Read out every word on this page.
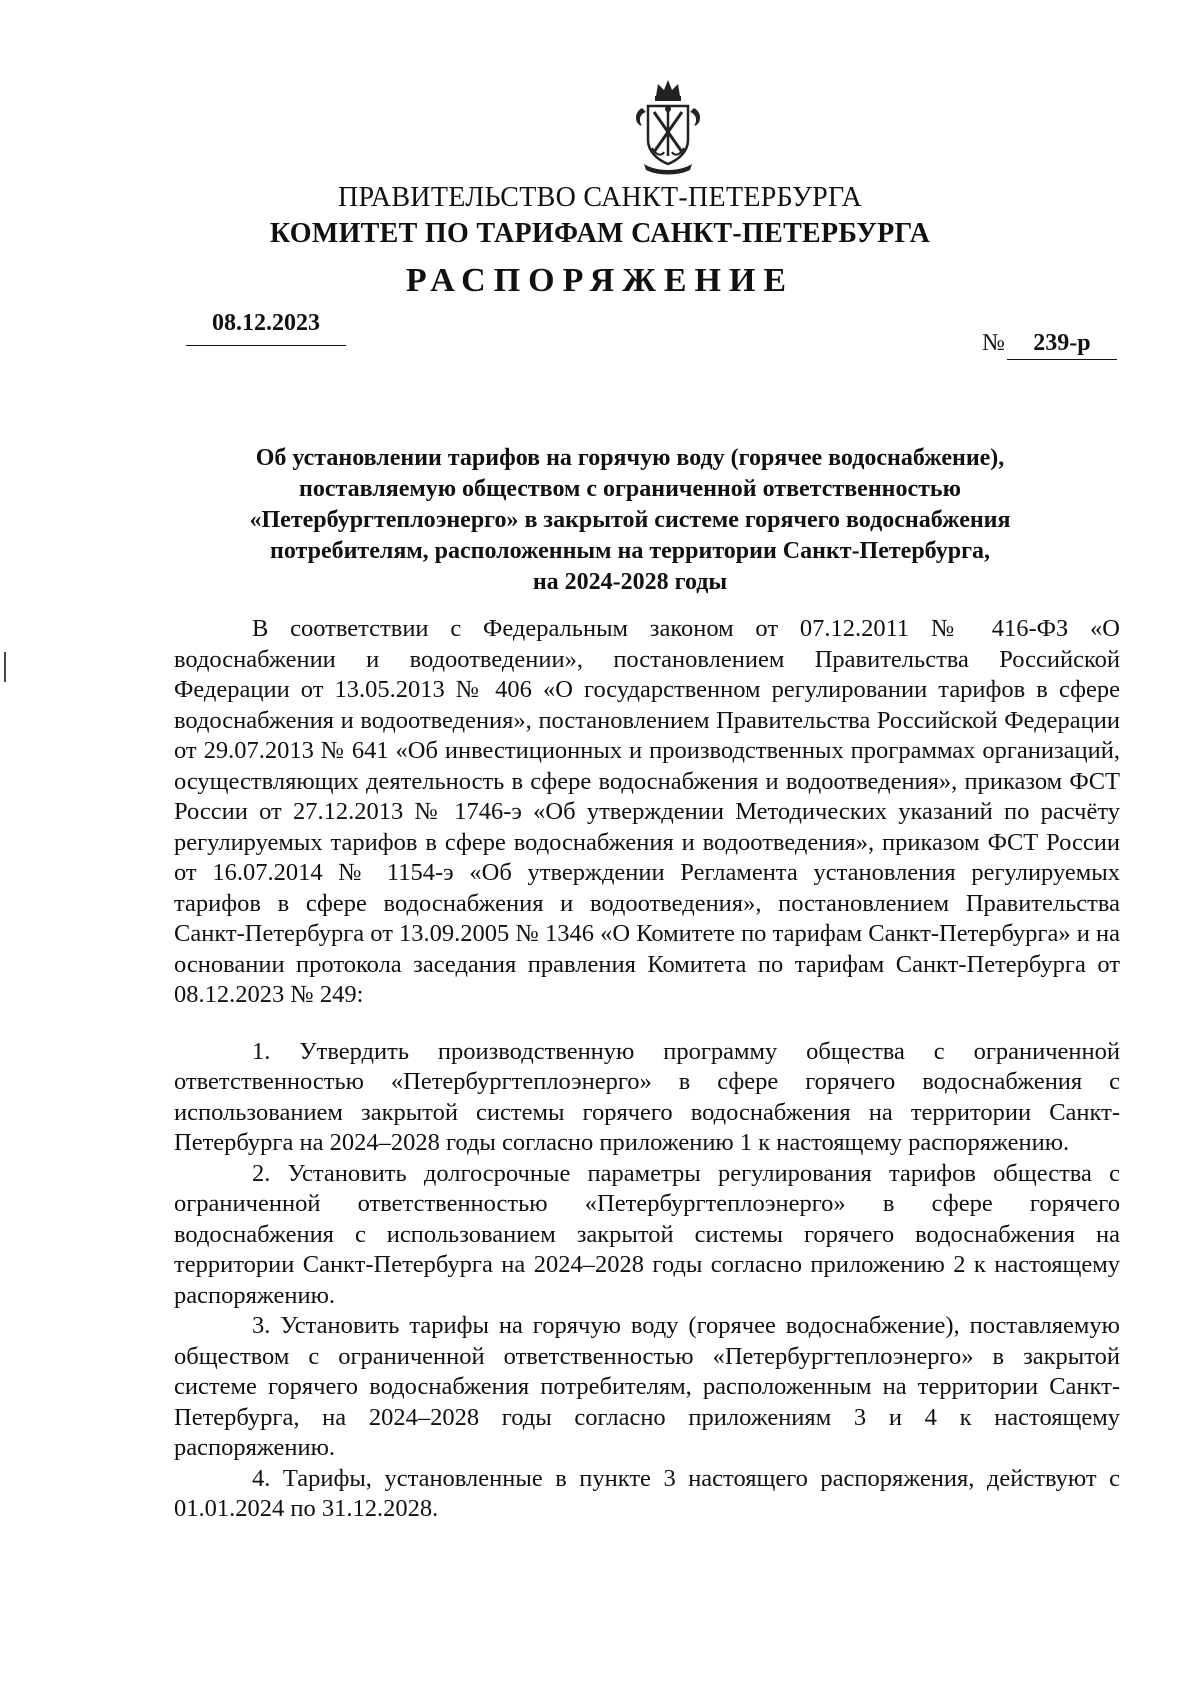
ПРАВИТЕЛЬСТВО САНКТ-ПЕТЕРБУРГА
КОМИТЕТ ПО ТАРИФАМ САНКТ-ПЕТЕРБУРГА
РАСПОРЯЖЕНИЕ
08.12.2023
№ 239-р
Об установлении тарифов на горячую воду (горячее водоснабжение),
поставляемую обществом с ограниченной ответственностью
«Петербургтеплоэнерго» в закрытой системе горячего водоснабжения
потребителям, расположенным на территории Санкт-Петербурга,
на 2024-2028 годы

В соответствии с Федеральным законом от 07.12.2011 № 416-ФЗ «О водоснабжении и водоотведении», постановлением Правительства Российской Федерации от 13.05.2013 № 406 «О государственном регулировании тарифов в сфере водоснабжения и водоотведения», постановлением Правительства Российской Федерации от 29.07.2013 № 641 «Об инвестиционных и производственных программах организаций, осуществляющих деятельность в сфере водоснабжения и водоотведения», приказом ФСТ России от 27.12.2013 № 1746-э «Об утверждении Методических указаний по расчёту регулируемых тарифов в сфере водоснабжения и водоотведения», приказом ФСТ России от 16.07.2014 № 1154-э «Об утверждении Регламента установления регулируемых тарифов в сфере водоснабжения и водоотведения», постановлением Правительства Санкт-Петербурга от 13.09.2005 № 1346 «О Комитете по тарифам Санкт-Петербурга» и на основании протокола заседания правления Комитета по тарифам Санкт-Петербурга от 08.12.2023 № 249:

1. Утвердить производственную программу общества с ограниченной ответственностью «Петербургтеплоэнерго» в сфере горячего водоснабжения с использованием закрытой системы горячего водоснабжения на территории Санкт-Петербурга на 2024–2028 годы согласно приложению 1 к настоящему распоряжению.

2. Установить долгосрочные параметры регулирования тарифов общества с ограниченной ответственностью «Петербургтеплоэнерго» в сфере горячего водоснабжения с использованием закрытой системы горячего водоснабжения на территории Санкт-Петербурга на 2024–2028 годы согласно приложению 2 к настоящему распоряжению.

3. Установить тарифы на горячую воду (горячее водоснабжение), поставляемую обществом с ограниченной ответственностью «Петербургтеплоэнерго» в закрытой системе горячего водоснабжения потребителям, расположенным на территории Санкт-Петербурга, на 2024–2028 годы согласно приложениям 3 и 4 к настоящему распоряжению.

4. Тарифы, установленные в пункте 3 настоящего распоряжения, действуют с 01.01.2024 по 31.12.2028.
